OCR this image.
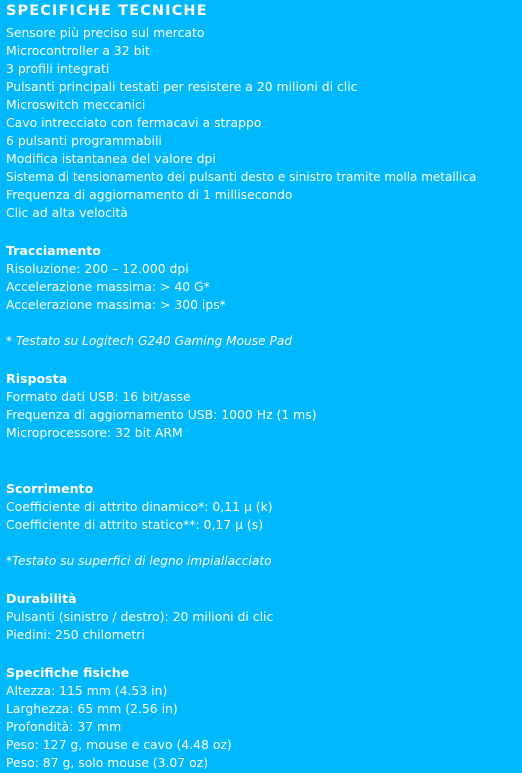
SPECIFICHE TECNICHE
Sensore più preciso sul mercato
Microcontroller a 32 bit
3 profili integrati
Pulsanti principali testati per resistere a 20 milioni di clic
Microswitch meccanici
Cavo intrecciato con fermacavi a strappo
6 pulsanti programmabili
Modifica istantanea del valore dpi
Sistema di tensionamento dei pulsanti desto e sinistro tramite molla metallica
Frequenza di aggiornamento di 1 millisecondo
Clic ad alta velocità
Tracciamento
Risoluzione: 200 – 12.000 dpi
Accelerazione massima: > 40 G*
Accelerazione massima: > 300 ips*
* Testato su Logitech G240 Gaming Mouse Pad
Risposta
Formato dati USB: 16 bit/asse
Frequenza di aggiornamento USB: 1000 Hz (1 ms)
Microprocessore: 32 bit ARM
Scorrimento
Coefficiente di attrito dinamico*: 0,11 µ (k)
Coefficiente di attrito statico**: 0,17 µ (s)
*Testato su superfici di legno impiallacciato
Durabilità
Pulsanti (sinistro / destro): 20 milioni di clic
Piedini: 250 chilometri
Specifiche fisiche
Altezza: 115 mm (4.53 in)
Larghezza: 65 mm (2.56 in)
Profondità: 37 mm
Peso: 127 g, mouse e cavo (4.48 oz)
Peso: 87 g, solo mouse (3.07 oz)
